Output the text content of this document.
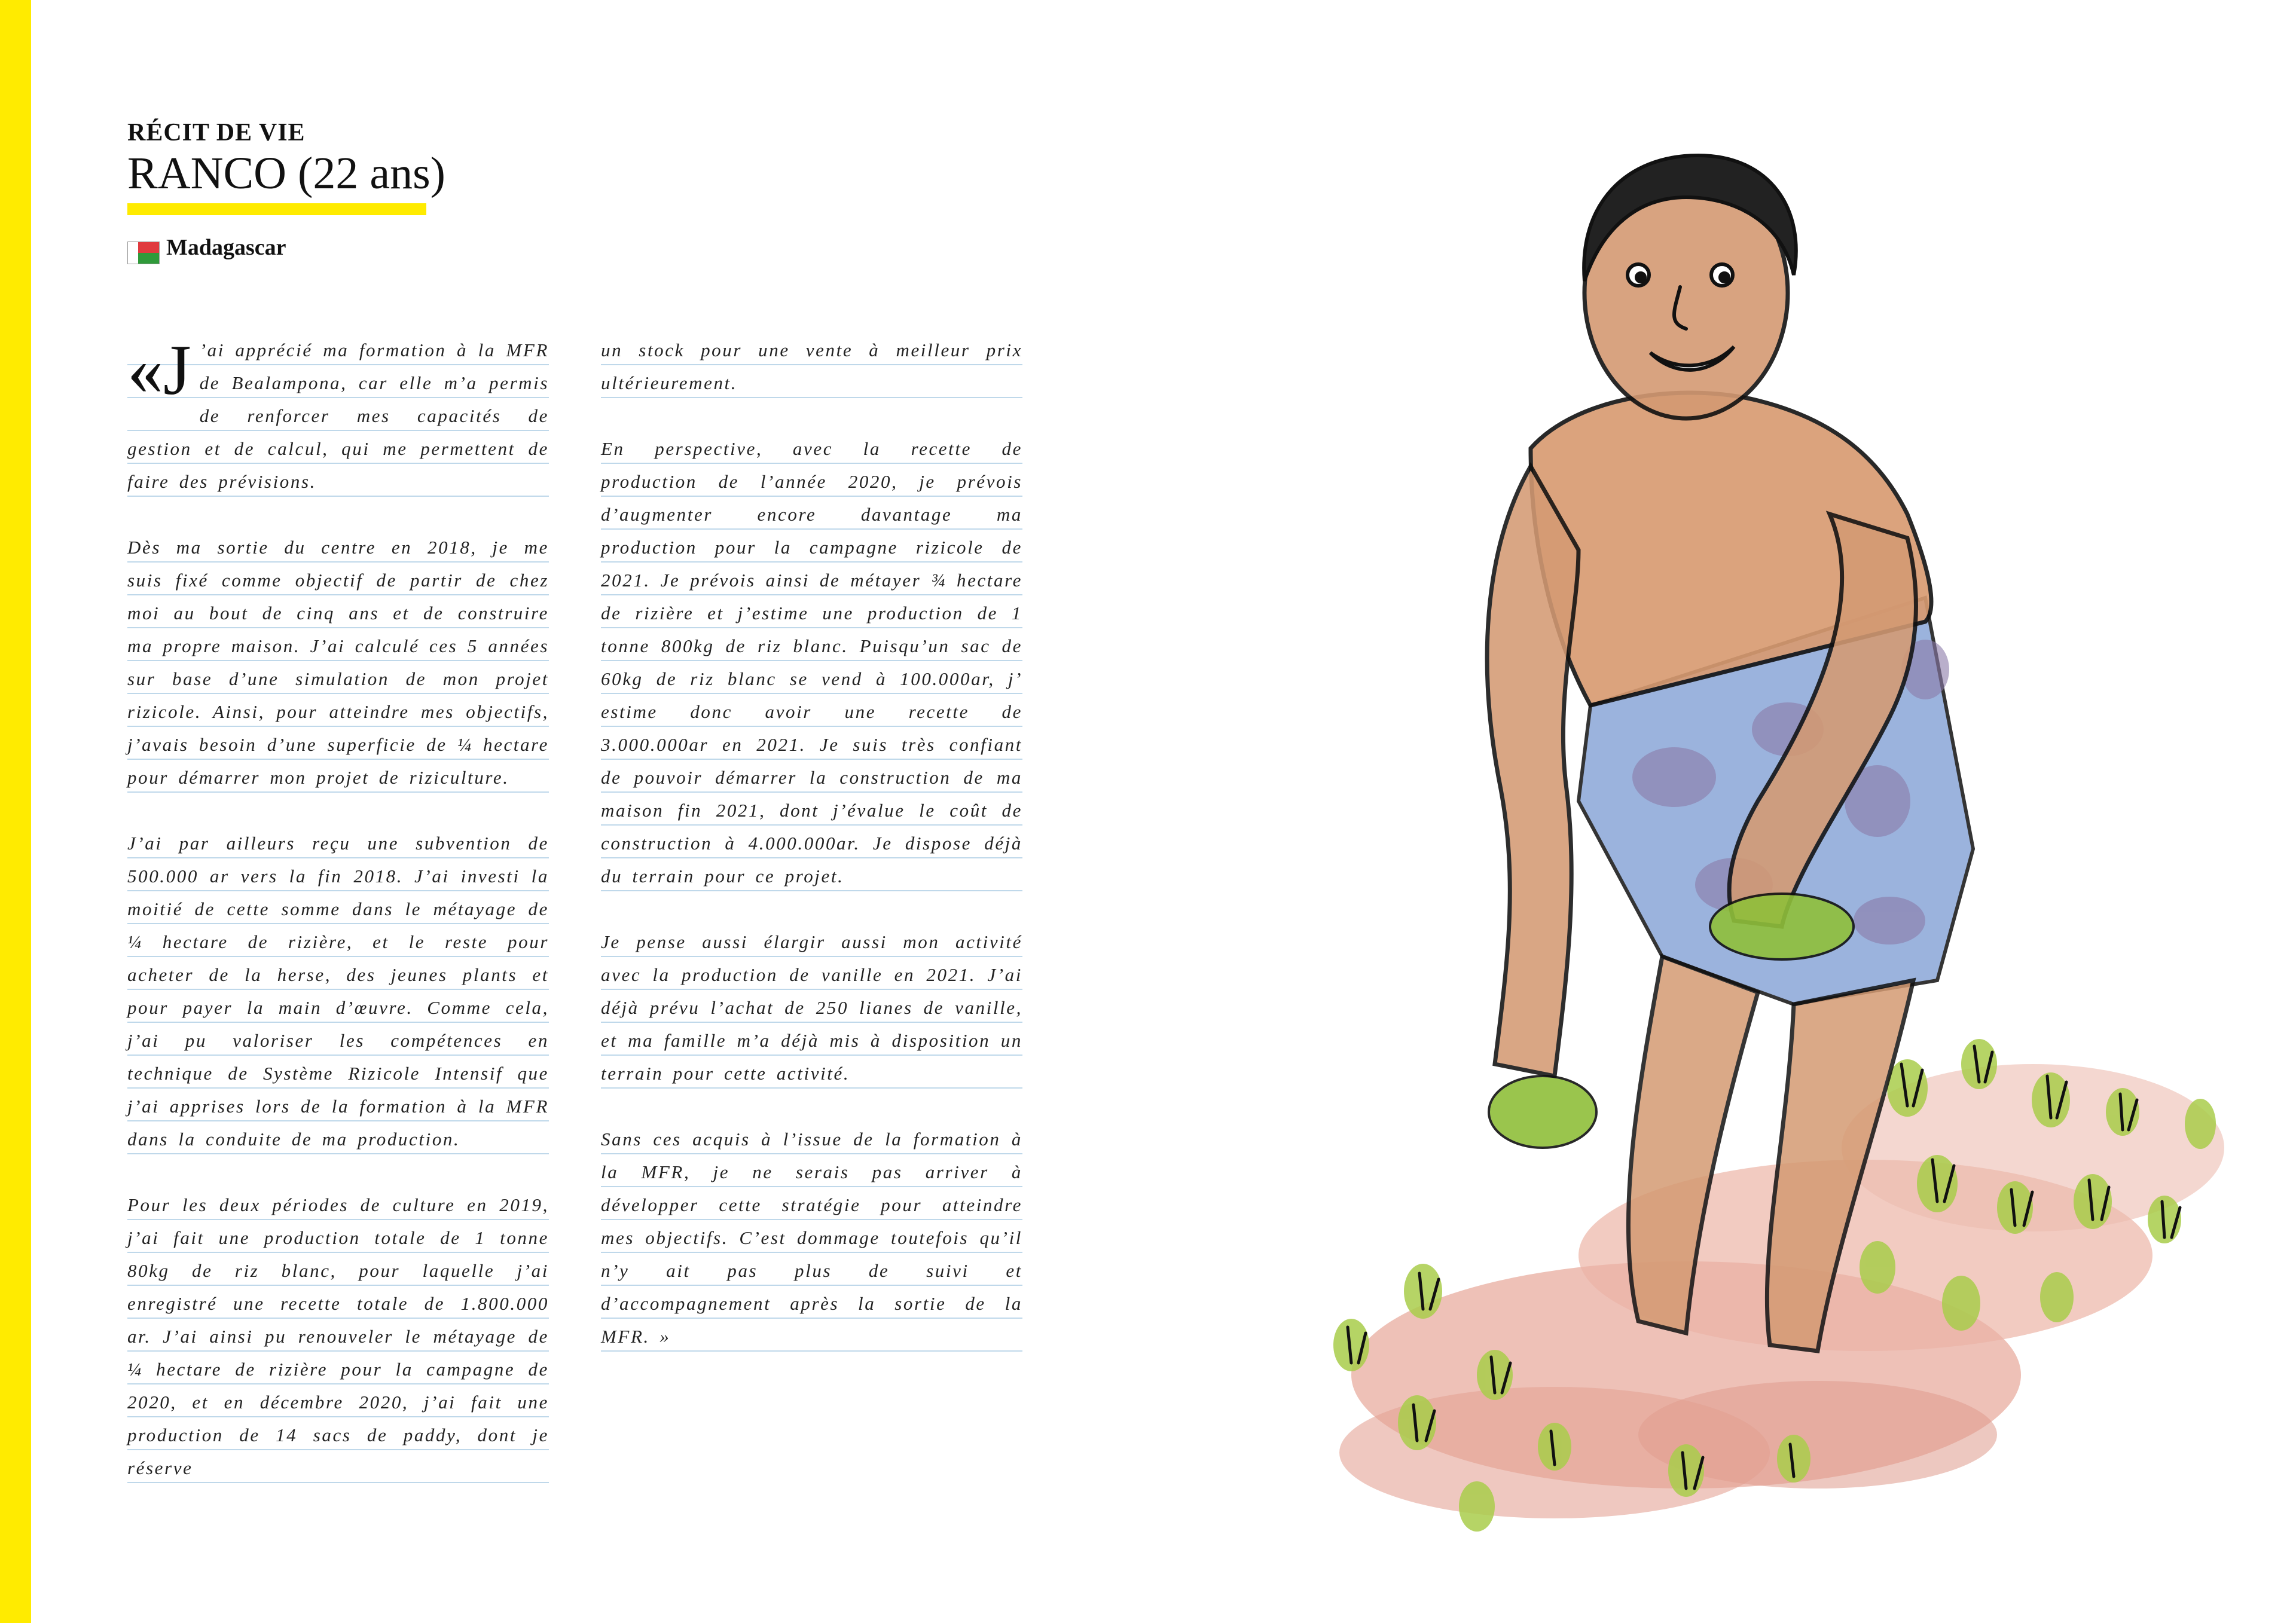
RÉCIT DE VIE
RANCO (22 ans)
Madagascar

«J ’ai apprécié ma formation à la MFR de Bealampona, car elle m’a permis de renforcer mes capacités de gestion et de calcul, qui me permettent de faire des prévisions.

Dès ma sortie du centre en 2018, je me suis fixé comme objectif de partir de chez moi au bout de cinq ans et de construire ma propre maison. J’ai calculé ces 5 années sur base d’une simulation de mon projet rizicole. Ainsi, pour atteindre mes objectifs, j’avais besoin d’une superficie de ¼ hectare pour démarrer mon projet de riziculture.

J’ai par ailleurs reçu une subvention de 500.000 ar vers la fin 2018. J’ai investi la moitié de cette somme dans le métayage de ¼ hectare de rizière, et le reste pour acheter de la herse, des jeunes plants et pour payer la main d’œuvre. Comme cela, j’ai pu valoriser les compétences en technique de Système Rizicole Intensif que j’ai apprises lors de la formation à la MFR dans la conduite de ma production.

Pour les deux périodes de culture en 2019, j’ai fait une production totale de 1 tonne 80kg de riz blanc, pour laquelle j’ai enregistré une recette totale de 1.800.000 ar. J’ai ainsi pu renouveler le métayage de ¼ hectare de rizière pour la campagne de 2020, et en décembre 2020, j’ai fait une production de 14 sacs de paddy, dont je réserve

un stock pour une vente à meilleur prix ultérieurement.

En perspective, avec la recette de production de l’année 2020, je prévois d’augmenter encore davantage ma production pour la campagne rizicole de 2021. Je prévois ainsi de métayer ¾ hectare de rizière et j’estime une production de 1 tonne 800kg de riz blanc. Puisqu’un sac de 60kg de riz blanc se vend à 100.000ar, j’ estime donc avoir une recette de 3.000.000ar en 2021. Je suis très confiant de pouvoir démarrer la construction de ma maison fin 2021, dont j’évalue le coût de construction à 4.000.000ar. Je dispose déjà du terrain pour ce projet.

Je pense aussi élargir aussi mon activité avec la production de vanille en 2021. J’ai déjà prévu l’achat de 250 lianes de vanille, et ma famille m’a déjà mis à disposition un terrain pour cette activité.

Sans ces acquis à l’issue de la formation à la MFR, je ne serais pas arriver à développer cette stratégie pour atteindre mes objectifs. C’est dommage toutefois qu’il n’y ait pas plus de suivi et d’accompagnement après la sortie de la MFR. »
